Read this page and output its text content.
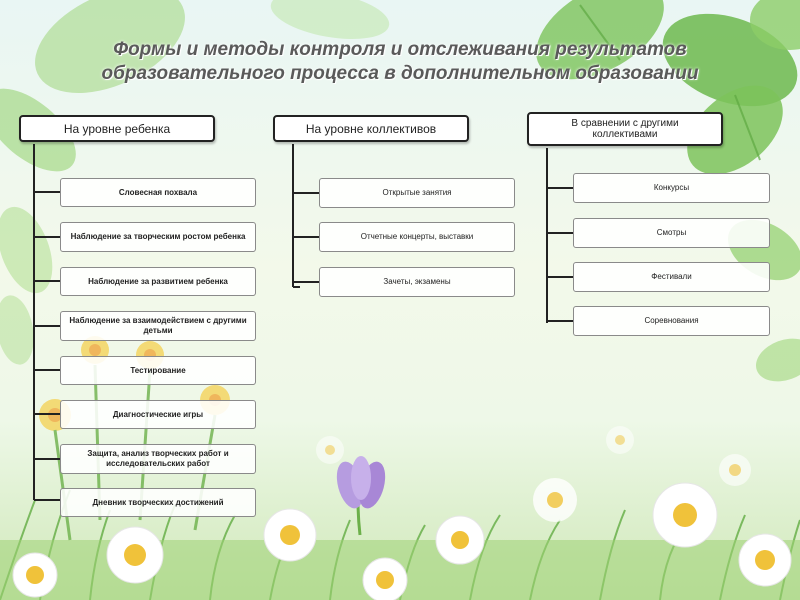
Формы и методы контроля и отслеживания результатов
образовательного процесса в дополнительном образовании
На уровне ребенка
Словесная похвала
Наблюдение за творческим ростом ребенка
Наблюдение за развитием ребенка
Наблюдение за взаимодействием с другими детьми
Тестирование
Диагностические игры
Защита, анализ творческих работ и исследовательских работ
Дневник творческих достижений
На уровне коллективов
Открытые занятия
Отчетные концерты, выставки
Зачеты, экзамены
В сравнении с другими коллективами
Конкурсы
Смотры
Фестивали
Соревнования
